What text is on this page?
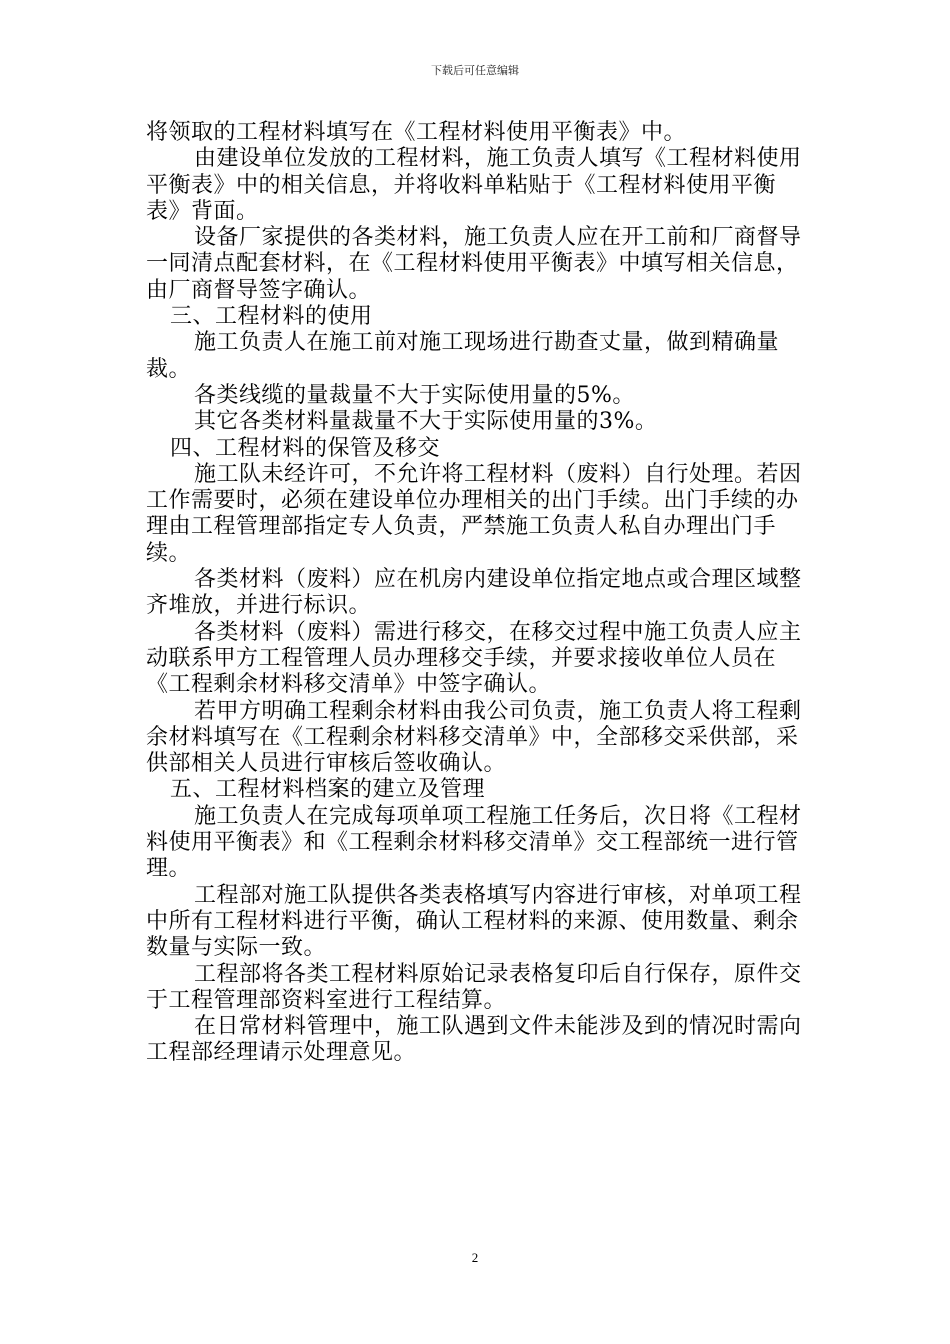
下载后可任意编辑

将领取的工程材料填写在《工程材料使用平衡表》中。

由建设单位发放的工程材料，施工负责人填写《工程材料使用平衡表》中的相关信息，并将收料单粘贴于《工程材料使用平衡表》背面。

设备厂家提供的各类材料，施工负责人应在开工前和厂商督导一同清点配套材料，在《工程材料使用平衡表》中填写相关信息，由厂商督导签字确认。

三、工程材料的使用

施工负责人在施工前对施工现场进行勘查丈量，做到精确量裁。

各类线缆的量裁量不大于实际使用量的5%。

其它各类材料量裁量不大于实际使用量的3%。

四、工程材料的保管及移交

施工队未经许可，不允许将工程材料（废料）自行处理。若因工作需要时，必须在建设单位办理相关的出门手续。出门手续的办理由工程管理部指定专人负责，严禁施工负责人私自办理出门手续。

各类材料（废料）应在机房内建设单位指定地点或合理区域整齐堆放，并进行标识。

各类材料（废料）需进行移交，在移交过程中施工负责人应主动联系甲方工程管理人员办理移交手续，并要求接收单位人员在《工程剩余材料移交清单》中签字确认。

若甲方明确工程剩余材料由我公司负责，施工负责人将工程剩余材料填写在《工程剩余材料移交清单》中，全部移交采供部，采供部相关人员进行审核后签收确认。

五、工程材料档案的建立及管理

施工负责人在完成每项单项工程施工任务后，次日将《工程材料使用平衡表》和《工程剩余材料移交清单》交工程部统一进行管理。

工程部对施工队提供各类表格填写内容进行审核，对单项工程中所有工程材料进行平衡，确认工程材料的来源、使用数量、剩余数量与实际一致。

工程部将各类工程材料原始记录表格复印后自行保存，原件交于工程管理部资料室进行工程结算。

在日常材料管理中，施工队遇到文件未能涉及到的情况时需向工程部经理请示处理意见。

2
